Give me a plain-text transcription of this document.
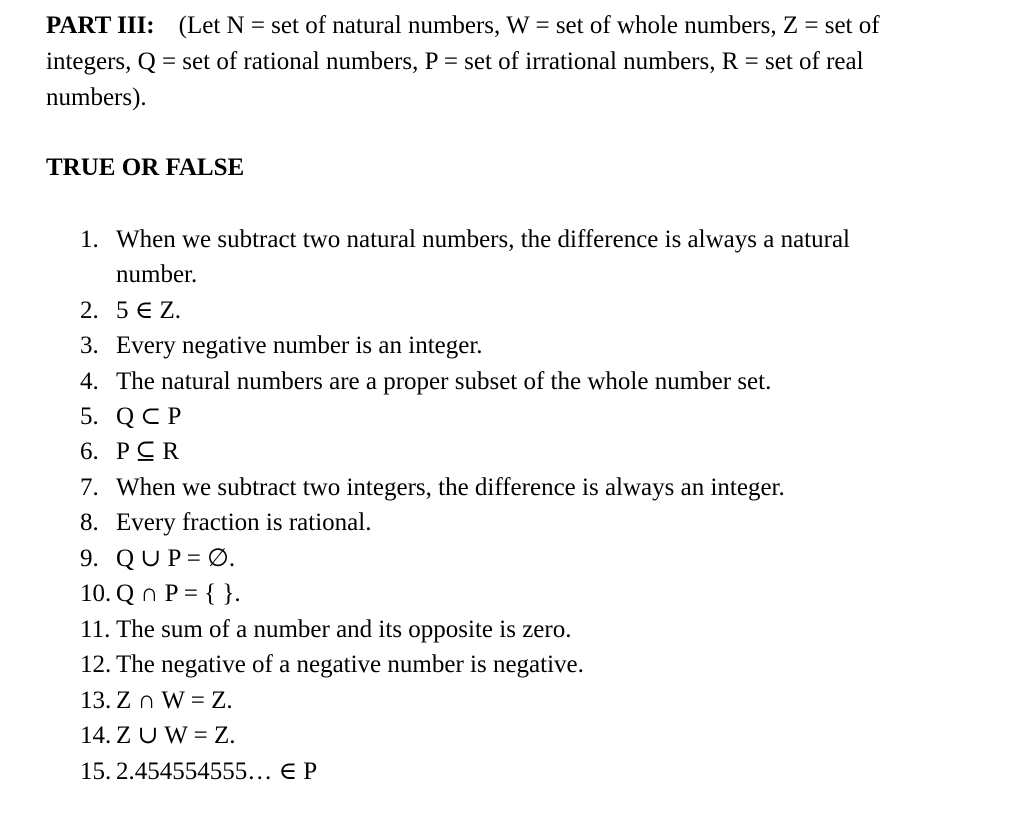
PART III: (Let N = set of natural numbers, W = set of whole numbers, Z = set of integers, Q = set of rational numbers, P = set of irrational numbers, R = set of real numbers).

TRUE OR FALSE

1. When we subtract two natural numbers, the difference is always a natural
number.
2. 5 ∈ Z.
3. Every negative number is an integer.
4. The natural numbers are a proper subset of the whole number set.
5. Q ⊂ P
6. P ⊆ R
7. When we subtract two integers, the difference is always an integer.
8. Every fraction is rational.
9. Q ∪ P = ∅.
10. Q ∩ P = { }.
11. The sum of a number and its opposite is zero.
12. The negative of a negative number is negative.
13. Z ∩ W = Z.
14. Z ∪ W = Z.
15. 2.454554555… ∈ P
